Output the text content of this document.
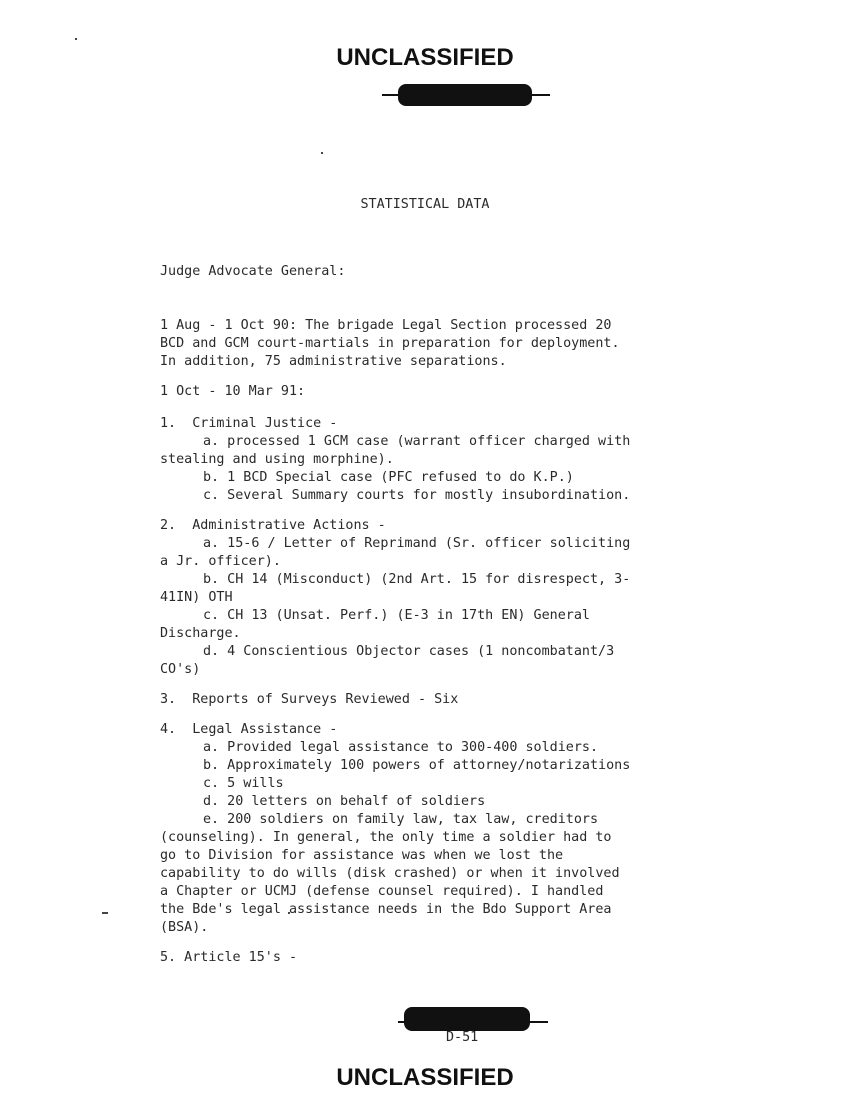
UNCLASSIFIED
STATISTICAL DATA
Judge Advocate General:
1 Aug - 1 Oct 90: The brigade Legal Section processed 20
BCD and GCM court-martials in preparation for deployment.
In addition, 75 administrative separations.
1 Oct - 10 Mar 91:
1.  Criminal Justice -
a. processed 1 GCM case (warrant officer charged with
stealing and using morphine).
b. 1 BCD Special case (PFC refused to do K.P.)
c. Several Summary courts for mostly insubordination.
2.  Administrative Actions -
a. 15-6 / Letter of Reprimand (Sr. officer soliciting
a Jr. officer).
b. CH 14 (Misconduct) (2nd Art. 15 for disrespect, 3-
41IN) OTH
c. CH 13 (Unsat. Perf.) (E-3 in 17th EN) General
Discharge.
d. 4 Conscientious Objector cases (1 noncombatant/3
CO's)
3.  Reports of Surveys Reviewed - Six
4.  Legal Assistance -
a. Provided legal assistance to 300-400 soldiers.
b. Approximately 100 powers of attorney/notarizations
c. 5 wills
d. 20 letters on behalf of soldiers
e. 200 soldiers on family law, tax law, creditors
(counseling). In general, the only time a soldier had to
go to Division for assistance was when we lost the
capability to do wills (disk crashed) or when it involved
a Chapter or UCMJ (defense counsel required). I handled
the Bde's legal assistance needs in the Bdo Support Area
(BSA).
5. Article 15's -
D-51
UNCLASSIFIED
